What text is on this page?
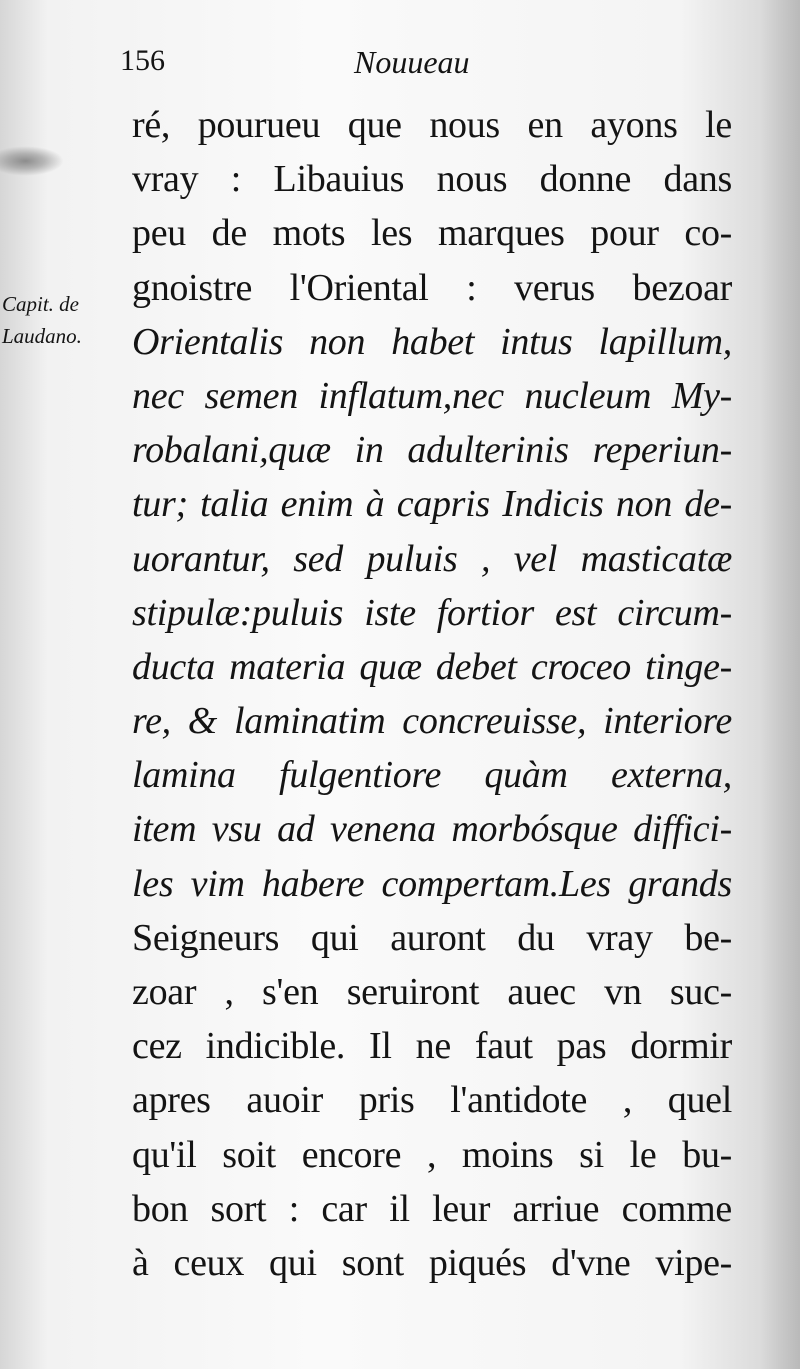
156	Nouueau
Capit. de
Laudano.
ré, pourueu que nous en ayons le
vray : Libauius nous donne dans
peu de mots les marques pour co-
gnoistre l'Oriental : verus bezoar
Orientalis non habet intus lapillum,
nec semen inflatum,nec nucleum My-
robalani,quæ in adulterinis reperiun-
tur; talia enim à capris Indicis non de-
uorantur, sed puluis , vel masticatæ
stipulæ:puluis iste fortior est circum-
ducta materia quæ debet croceo tinge-
re, & laminatim concreuisse, interiore
lamina fulgentiore quàm externa,
item vsu ad venena morbósque diffici-
les vim habere compertam.Les grands
Seigneurs qui auront du vray be-
zoar , s'en seruiront auec vn suc-
cez indicible. Il ne faut pas dormir
apres auoir pris l'antidote , quel
qu'il soit encore , moins si le bu-
bon sort : car il leur arriue comme
à ceux qui sont piqués d'vne vipe-
